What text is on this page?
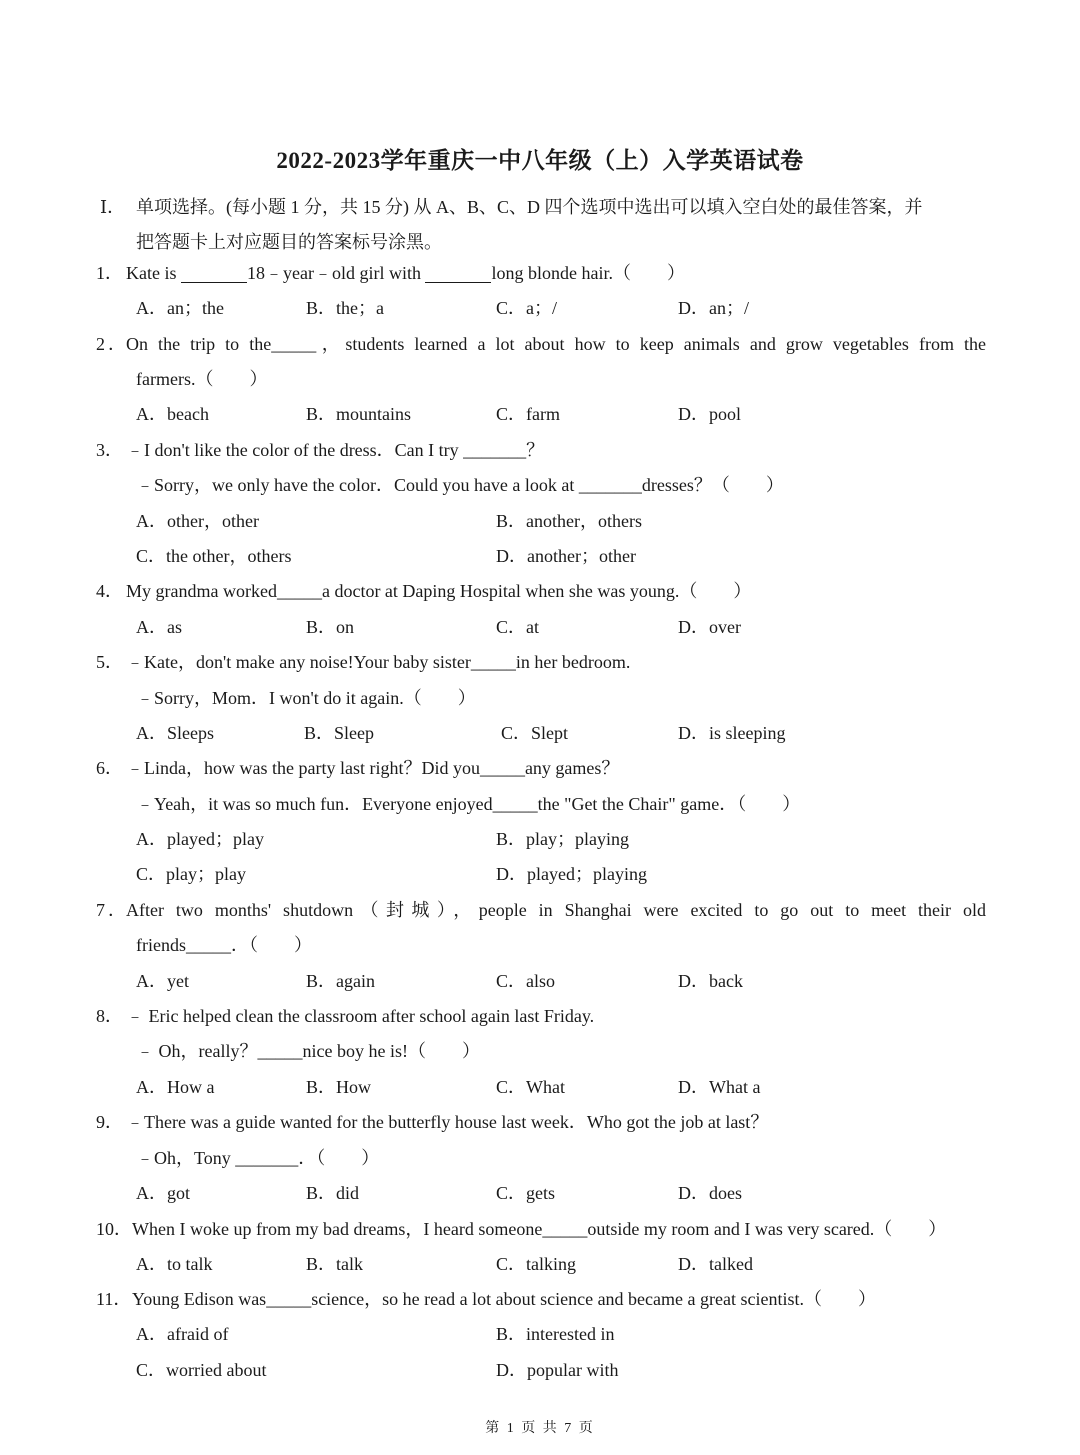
2022-2023学年重庆一中八年级（上）入学英语试卷
Ⅰ． 单项选择。(每小题 1 分，共 15 分) 从 A、B、C、D 四个选项中选出可以填入空白处的最佳答案，并
把答题卡上对应题目的答案标号涂黑。
1． Kate is	18﹣year﹣old girl with	long blonde hair.（　　）
A．an；the	B．the；a	C．a；/	D．an；/
2．On the trip to the_____，students learned a lot about how to keep animals and grow vegetables from the
farmers.（　　）
A．beach	B．mountains	C．farm	D．pool
3． ﹣I don't like the color of the dress．Can I try _______？
﹣Sorry，we only have the color．Could you have a look at _______dresses？（　　）
A．other，other	B．another，others
C．the other，others	D．another；other
4． My grandma worked_____a doctor at Daping Hospital when she was young.（　　）
A．as	B．on	C．at	D．over
5． ﹣Kate，don't make any noise!Your baby sister_____in her bedroom.
﹣Sorry，Mom．I won't do it again.（　　）
A．Sleeps	B．Sleep	C．Slept	D．is sleeping
6． ﹣Linda，how was the party last right？Did you_____any games？
﹣Yeah，it was so much fun．Everyone enjoyed_____the "Get the Chair" game．（　　）
A．played；play	B．play；playing
C．play；play	D．played；playing
7．After two months' shutdown（封城），people in Shanghai were excited to go out to meet their old
friends_____．（　　）
A．yet	B．again	C．also	D．back
8． ﹣ Eric helped clean the classroom after school again last Friday.
﹣ Oh，really？_____nice boy he is!（　　）
A．How a	B．How	C．What	D．What a
9． ﹣There was a guide wanted for the butterfly house last week．Who got the job at last？
﹣Oh，Tony _______．（　　）
A．got	B．did	C．gets	D．does
10．When I woke up from my bad dreams，I heard someone_____outside my room and I was very scared.（　　）
A．to talk	B．talk	C．talking	D．talked
11．Young Edison was_____science，so he read a lot about science and became a great scientist.（　　）
A．afraid of	B．interested in
C．worried about	D．popular with
第 1 页 共 7 页
